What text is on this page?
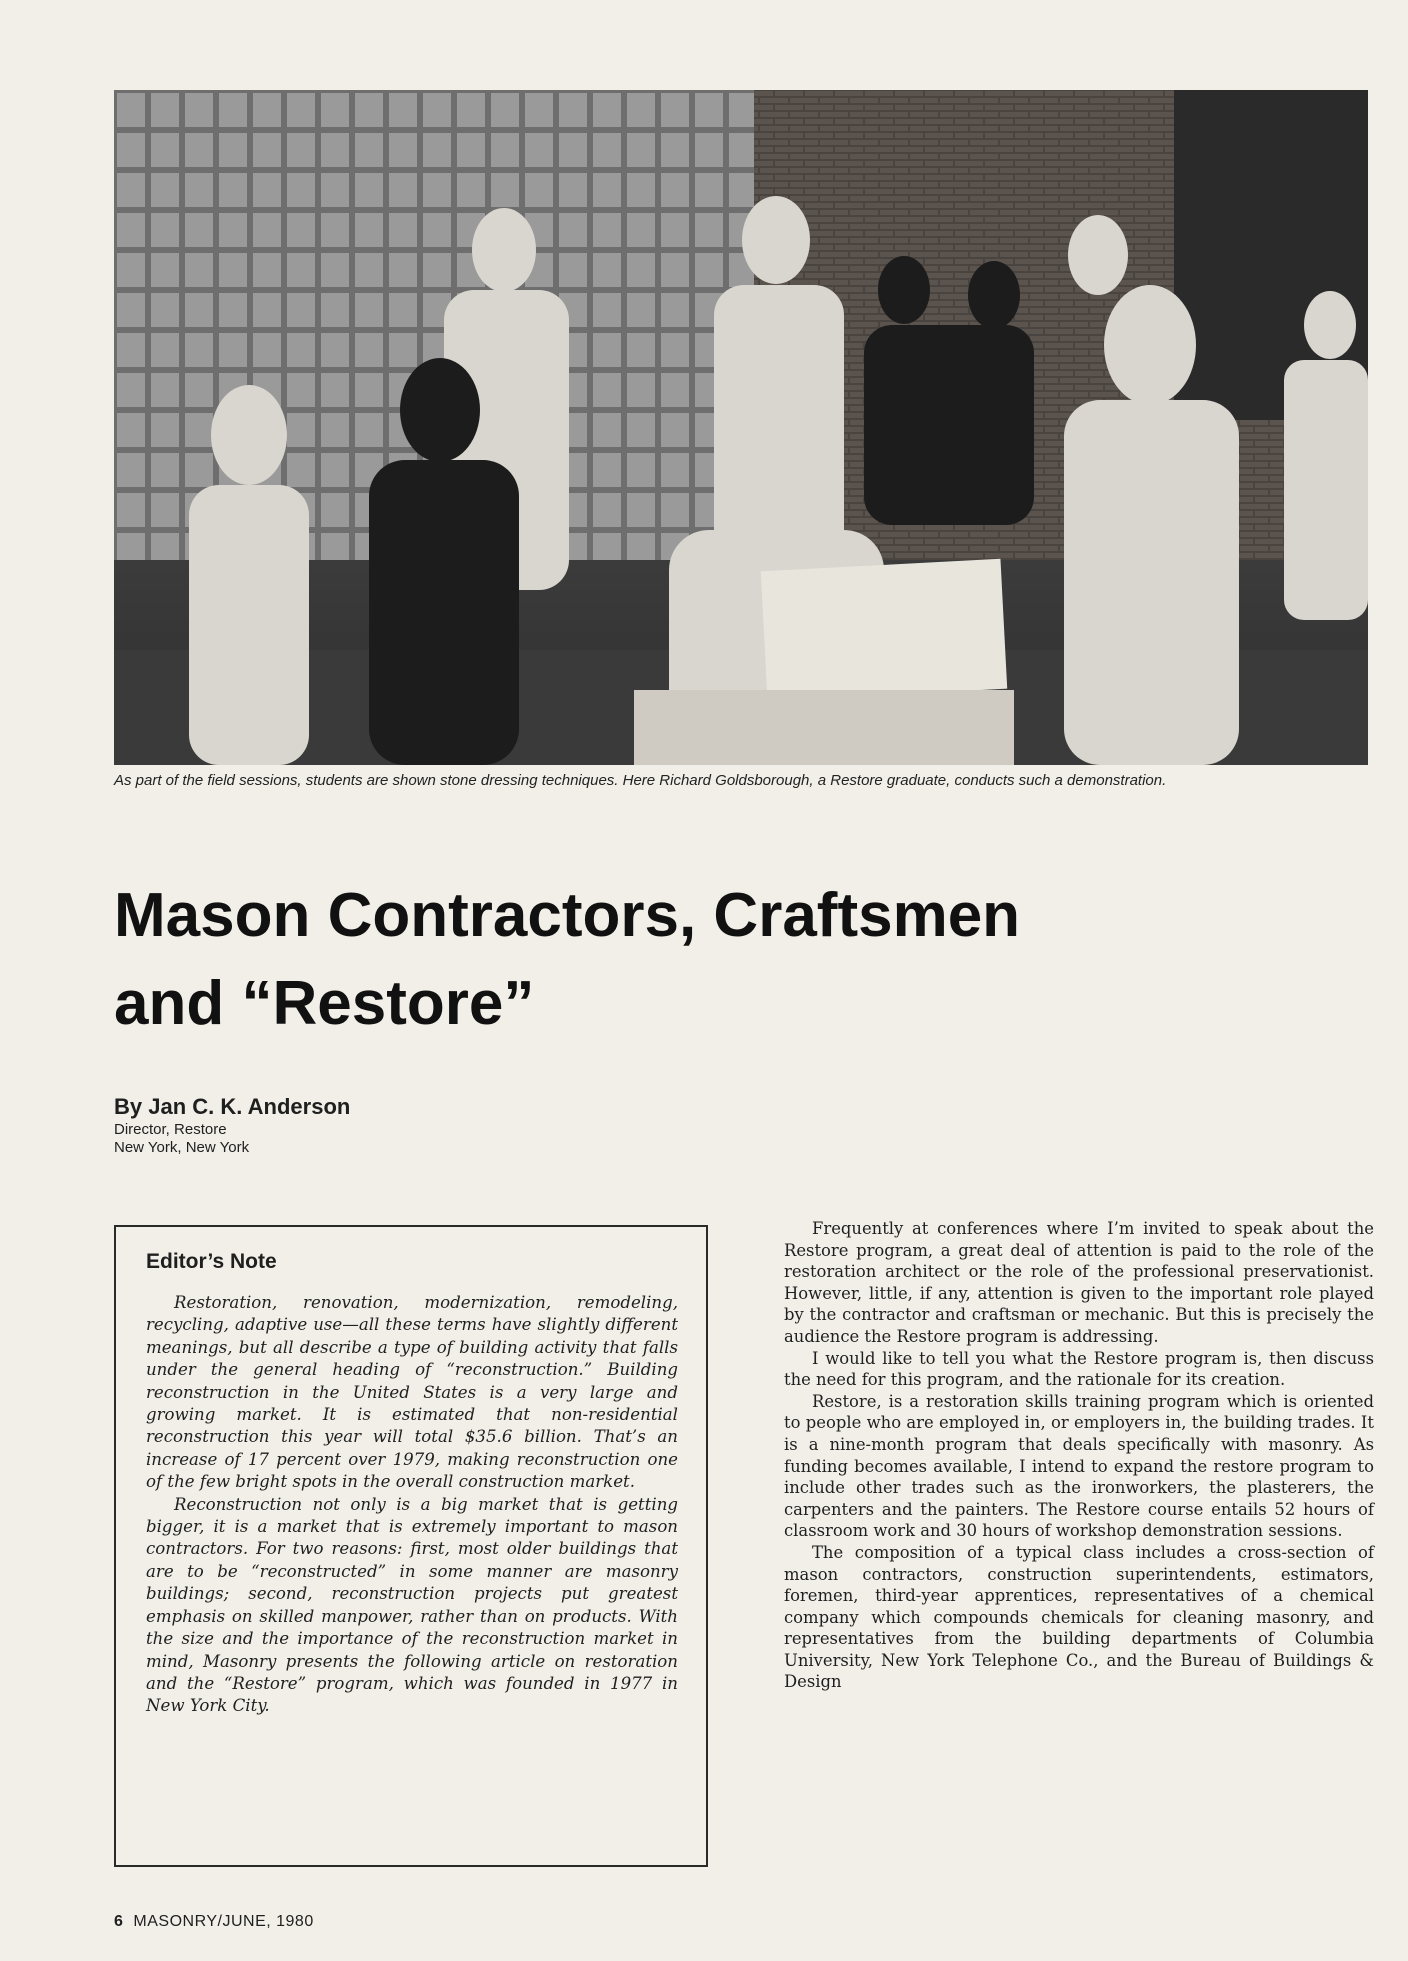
As part of the field sessions, students are shown stone dressing techniques. Here Richard Goldsborough, a Restore graduate, conducts such a demonstration.
Mason Contractors, Craftsmen
and “Restore”
By Jan C. K. Anderson
Director, Restore
New York, New York
Editor’s Note

Restoration, renovation, modernization, remodeling, recycling, adaptive use—all these terms have slightly different meanings, but all describe a type of building activity that falls under the general heading of “reconstruction.” Building reconstruction in the United States is a very large and growing market. It is estimated that non-residential reconstruction this year will total $35.6 billion. That’s an increase of 17 percent over 1979, making reconstruction one of the few bright spots in the overall construction market.

Reconstruction not only is a big market that is getting bigger, it is a market that is extremely important to mason contractors. For two reasons: first, most older buildings that are to be “reconstructed” in some manner are masonry buildings; second, reconstruction projects put greatest emphasis on skilled manpower, rather than on products. With the size and the importance of the reconstruction market in mind, Masonry presents the following article on restoration and the “Restore” program, which was founded in 1977 in New York City.

Frequently at conferences where I’m invited to speak about the Restore program, a great deal of attention is paid to the role of the restoration architect or the role of the professional preservationist. However, little, if any, attention is given to the important role played by the contractor and craftsman or mechanic. But this is precisely the audience the Restore program is addressing.

I would like to tell you what the Restore program is, then discuss the need for this program, and the rationale for its creation.

Restore, is a restoration skills training program which is oriented to people who are employed in, or employers in, the building trades. It is a nine-month program that deals specifically with masonry. As funding becomes available, I intend to expand the restore program to include other trades such as the ironworkers, the plasterers, the carpenters and the painters. The Restore course entails 52 hours of classroom work and 30 hours of workshop demonstration sessions.

The composition of a typical class includes a cross-section of mason contractors, construction superintendents, estimators, foremen, third-year apprentices, representatives of a chemical company which compounds chemicals for cleaning masonry, and representatives from the building departments of Columbia University, New York Telephone Co., and the Bureau of Buildings & Design

6 MASONRY/JUNE, 1980
